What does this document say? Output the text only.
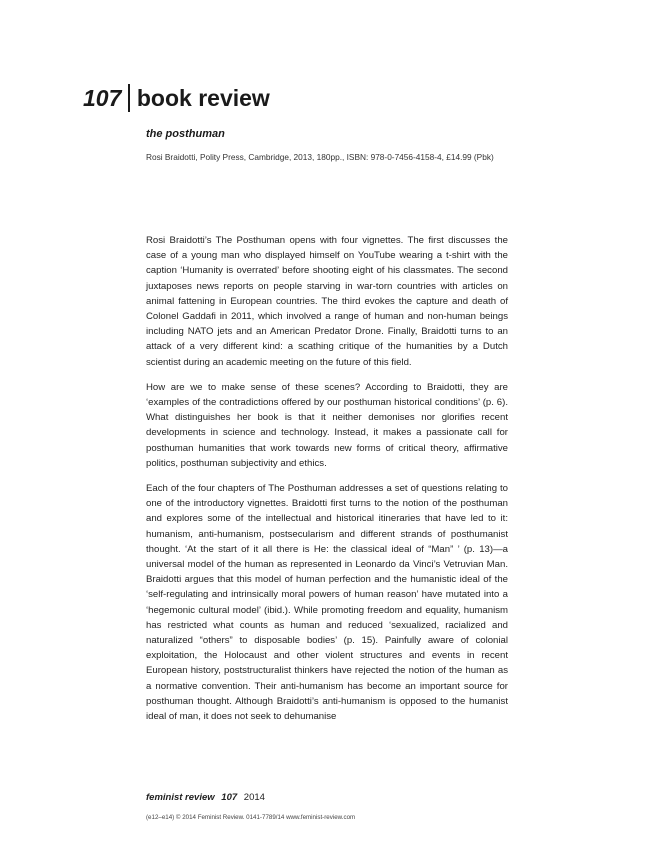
107 book review
the posthuman
Rosi Braidotti, Polity Press, Cambridge, 2013, 180pp., ISBN: 978-0-7456-4158-4, £14.99 (Pbk)

Rosi Braidotti’s The Posthuman opens with four vignettes. The first discusses the case of a young man who displayed himself on YouTube wearing a t-shirt with the caption ‘Humanity is overrated’ before shooting eight of his classmates. The second juxtaposes news reports on people starving in war-torn countries with articles on animal fattening in European countries. The third evokes the capture and death of Colonel Gaddafi in 2011, which involved a range of human and non-human beings including NATO jets and an American Predator Drone. Finally, Braidotti turns to an attack of a very different kind: a scathing critique of the humanities by a Dutch scientist during an academic meeting on the future of this field.

How are we to make sense of these scenes? According to Braidotti, they are ‘examples of the contradictions offered by our posthuman historical conditions’ (p. 6). What distinguishes her book is that it neither demonises nor glorifies recent developments in science and technology. Instead, it makes a passionate call for posthuman humanities that work towards new forms of critical theory, affirmative politics, posthuman subjectivity and ethics.

Each of the four chapters of The Posthuman addresses a set of questions relating to one of the introductory vignettes. Braidotti first turns to the notion of the posthuman and explores some of the intellectual and historical itineraries that have led to it: humanism, anti-humanism, postsecularism and different strands of posthumanist thought. ‘At the start of it all there is He: the classical ideal of “Man” ’ (p. 13)—a universal model of the human as represented in Leonardo da Vinci’s Vetruvian Man. Braidotti argues that this model of human perfection and the humanistic ideal of the ‘self-regulating and intrinsically moral powers of human reason’ have mutated into a ‘hegemonic cultural model’ (ibid.). While promoting freedom and equality, humanism has restricted what counts as human and reduced ‘sexualized, racialized and naturalized “others” to disposable bodies’ (p. 15). Painfully aware of colonial exploitation, the Holocaust and other violent structures and events in recent European history, poststructuralist thinkers have rejected the notion of the human as a normative convention. Their anti-humanism has become an important source for posthuman thought. Although Braidotti’s anti-humanism is opposed to the humanist ideal of man, it does not seek to dehumanise

feminist review 107 2014
(e12–e14) © 2014 Feminist Review. 0141-7789/14 www.feminist-review.com
